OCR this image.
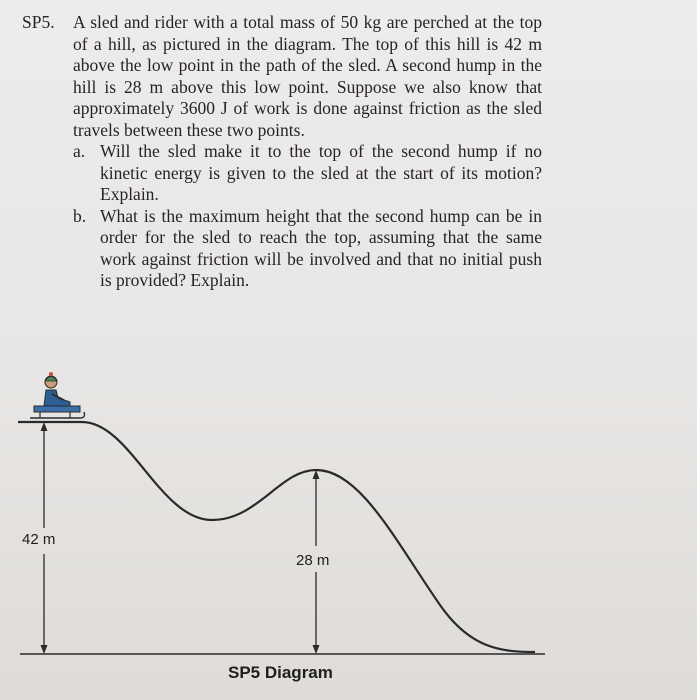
SP5. A sled and rider with a total mass of 50 kg are perched at the top of a hill, as pictured in the diagram. The top of this hill is 42 m above the low point in the path of the sled. A second hump in the hill is 28 m above this low point. Suppose we also know that approximately 3600 J of work is done against friction as the sled travels between these two points.
a. Will the sled make it to the top of the second hump if no kinetic energy is given to the sled at the start of its motion? Explain.
b. What is the maximum height that the second hump can be in order for the sled to reach the top, assuming that the same work against friction will be involved and that no initial push is provided? Explain.
42 m
28 m
SP5 Diagram
